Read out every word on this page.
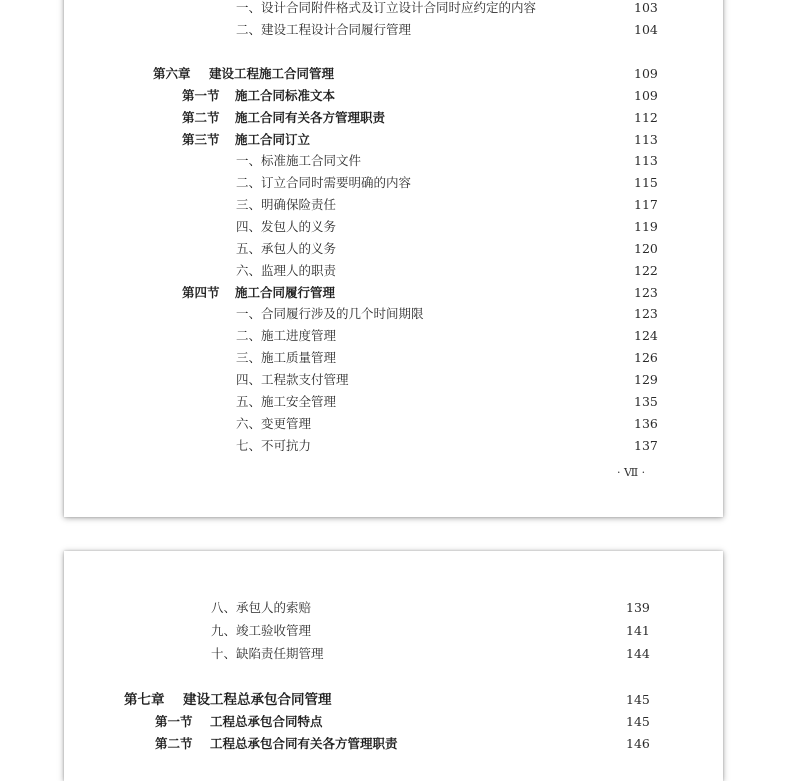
一、设计合同附件格式及订立设计合同时应约定的内容	103
二、建设工程设计合同履行管理	104
第六章 建设工程施工合同管理	109
第一节 施工合同标准文本	109
第二节 施工合同有关各方管理职责	112
第三节 施工合同订立	113
一、标准施工合同文件	113
二、订立合同时需要明确的内容	115
三、明确保险责任	117
四、发包人的义务	119
五、承包人的义务	120
六、监理人的职责	122
第四节 施工合同履行管理	123
一、合同履行涉及的几个时间期限	123
二、施工进度管理	124
三、施工质量管理	126
四、工程款支付管理	129
五、施工安全管理	135
六、变更管理	136
七、不可抗力	137
· Ⅶ ·
八、承包人的索赔	139
九、竣工验收管理	141
十、缺陷责任期管理	144
第七章 建设工程总承包合同管理	145
第一节 工程总承包合同特点	145
第二节 工程总承包合同有关各方管理职责	146
